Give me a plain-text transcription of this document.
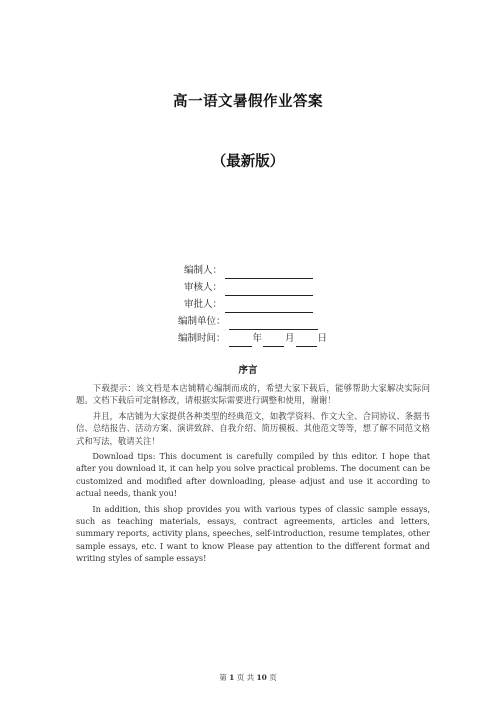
高一语文暑假作业答案
（最新版）
编制人：
审核人：
审批人：
编制单位：
编制时间：	年 月 日
序言

下载提示：该文档是本店铺精心编制而成的，希望大家下载后，能够帮助大家解决实际问题。文档下载后可定制修改，请根据实际需要进行调整和使用，谢谢！

并且，本店铺为大家提供各种类型的经典范文，如教学资料、作文大全、合同协议、条据书信、总结报告、活动方案、演讲致辞、自我介绍、简历模板、其他范文等等，想了解不同范文格式和写法，敬请关注！

Download tips: This document is carefully compiled by this editor. I hope that after you download it, it can help you solve practical problems. The document can be customized and modified after downloading, please adjust and use it according to actual needs, thank you!

In addition, this shop provides you with various types of classic sample essays, such as teaching materials, essays, contract agreements, articles and letters, summary reports, activity plans, speeches, self-introduction, resume templates, other sample essays, etc. I want to know Please pay attention to the different format and writing styles of sample essays!

第 1 页 共 10 页
